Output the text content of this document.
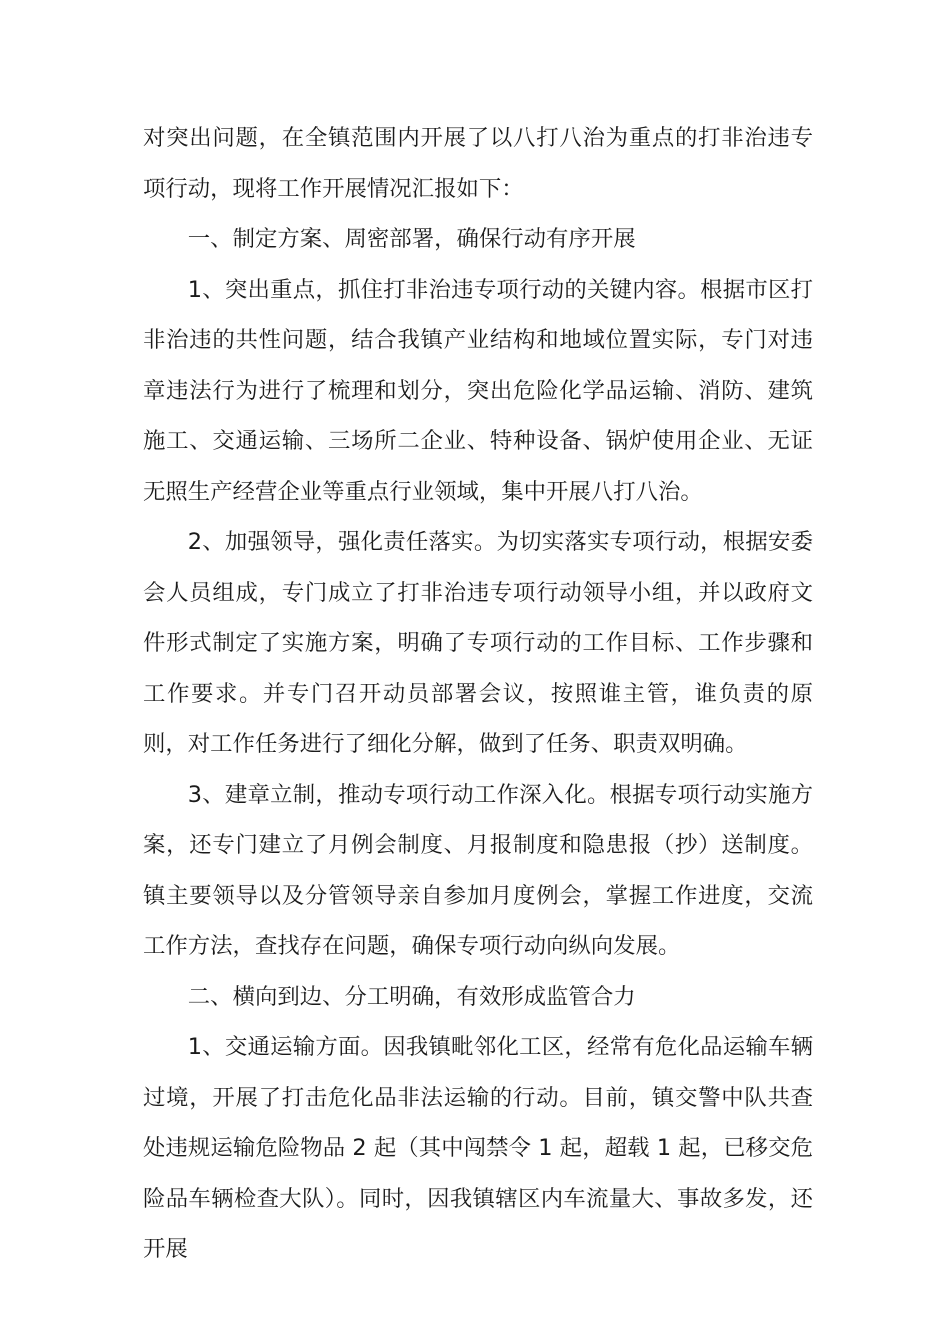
对突出问题，在全镇范围内开展了以八打八治为重点的打非治违专项行动，现将工作开展情况汇报如下：

一、制定方案、周密部署，确保行动有序开展

1、突出重点，抓住打非治违专项行动的关键内容。根据市区打非治违的共性问题，结合我镇产业结构和地域位置实际，专门对违章违法行为进行了梳理和划分，突出危险化学品运输、消防、建筑施工、交通运输、三场所二企业、特种设备、锅炉使用企业、无证无照生产经营企业等重点行业领域，集中开展八打八治。

2、加强领导，强化责任落实。为切实落实专项行动，根据安委会人员组成，专门成立了打非治违专项行动领导小组，并以政府文件形式制定了实施方案，明确了专项行动的工作目标、工作步骤和工作要求。并专门召开动员部署会议，按照谁主管，谁负责的原则，对工作任务进行了细化分解，做到了任务、职责双明确。

3、建章立制，推动专项行动工作深入化。根据专项行动实施方案，还专门建立了月例会制度、月报制度和隐患报（抄）送制度。镇主要领导以及分管领导亲自参加月度例会，掌握工作进度，交流工作方法，查找存在问题，确保专项行动向纵向发展。

二、横向到边、分工明确，有效形成监管合力

1、交通运输方面。因我镇毗邻化工区，经常有危化品运输车辆过境，开展了打击危化品非法运输的行动。目前，镇交警中队共查处违规运输危险物品 2 起（其中闯禁令 1 起，超载 1 起，已移交危险品车辆检查大队）。同时，因我镇辖区内车流量大、事故多发，还开展
